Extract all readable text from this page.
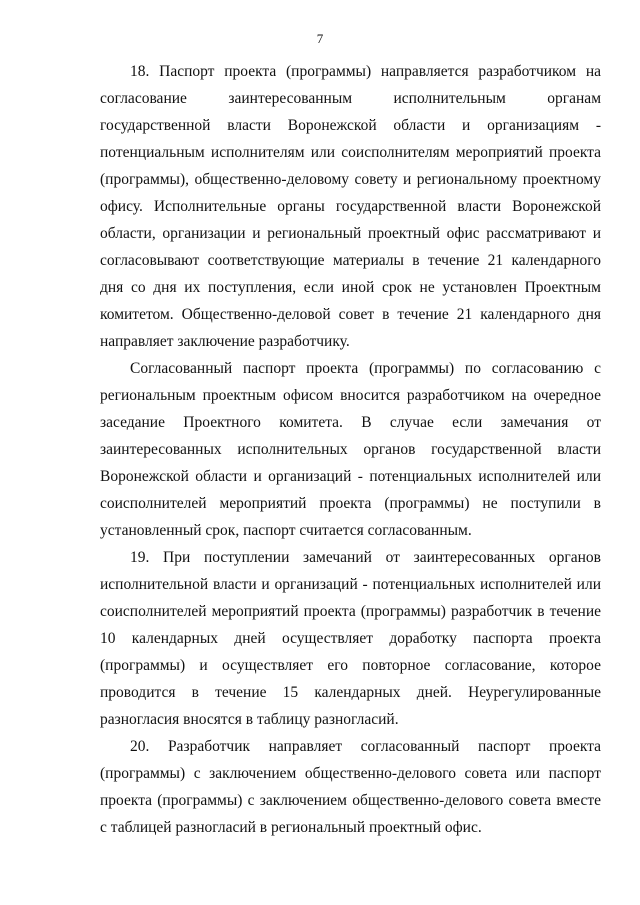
7

18. Паспорт проекта (программы) направляется разработчиком на согласование заинтересованным исполнительным органам государственной власти Воронежской области и организациям - потенциальным исполнителям или соисполнителям мероприятий проекта (программы), общественно-деловому совету и региональному проектному офису. Исполнительные органы государственной власти Воронежской области, организации и региональный проектный офис рассматривают и согласовывают соответствующие материалы в течение 21 календарного дня со дня их поступления, если иной срок не установлен Проектным комитетом. Общественно-деловой совет в течение 21 календарного дня направляет заключение разработчику.

Согласованный паспорт проекта (программы) по согласованию с региональным проектным офисом вносится разработчиком на очередное заседание Проектного комитета. В случае если замечания от заинтересованных исполнительных органов государственной власти Воронежской области и организаций - потенциальных исполнителей или соисполнителей мероприятий проекта (программы) не поступили в установленный срок, паспорт считается согласованным.

19. При поступлении замечаний от заинтересованных органов исполнительной власти и организаций - потенциальных исполнителей или соисполнителей мероприятий проекта (программы) разработчик в течение 10 календарных дней осуществляет доработку паспорта проекта (программы) и осуществляет его повторное согласование, которое проводится в течение 15 календарных дней. Неурегулированные разногласия вносятся в таблицу разногласий.

20. Разработчик направляет согласованный паспорт проекта (программы) с заключением общественно-делового совета или паспорт проекта (программы) с заключением общественно-делового совета вместе с таблицей разногласий в региональный проектный офис.
